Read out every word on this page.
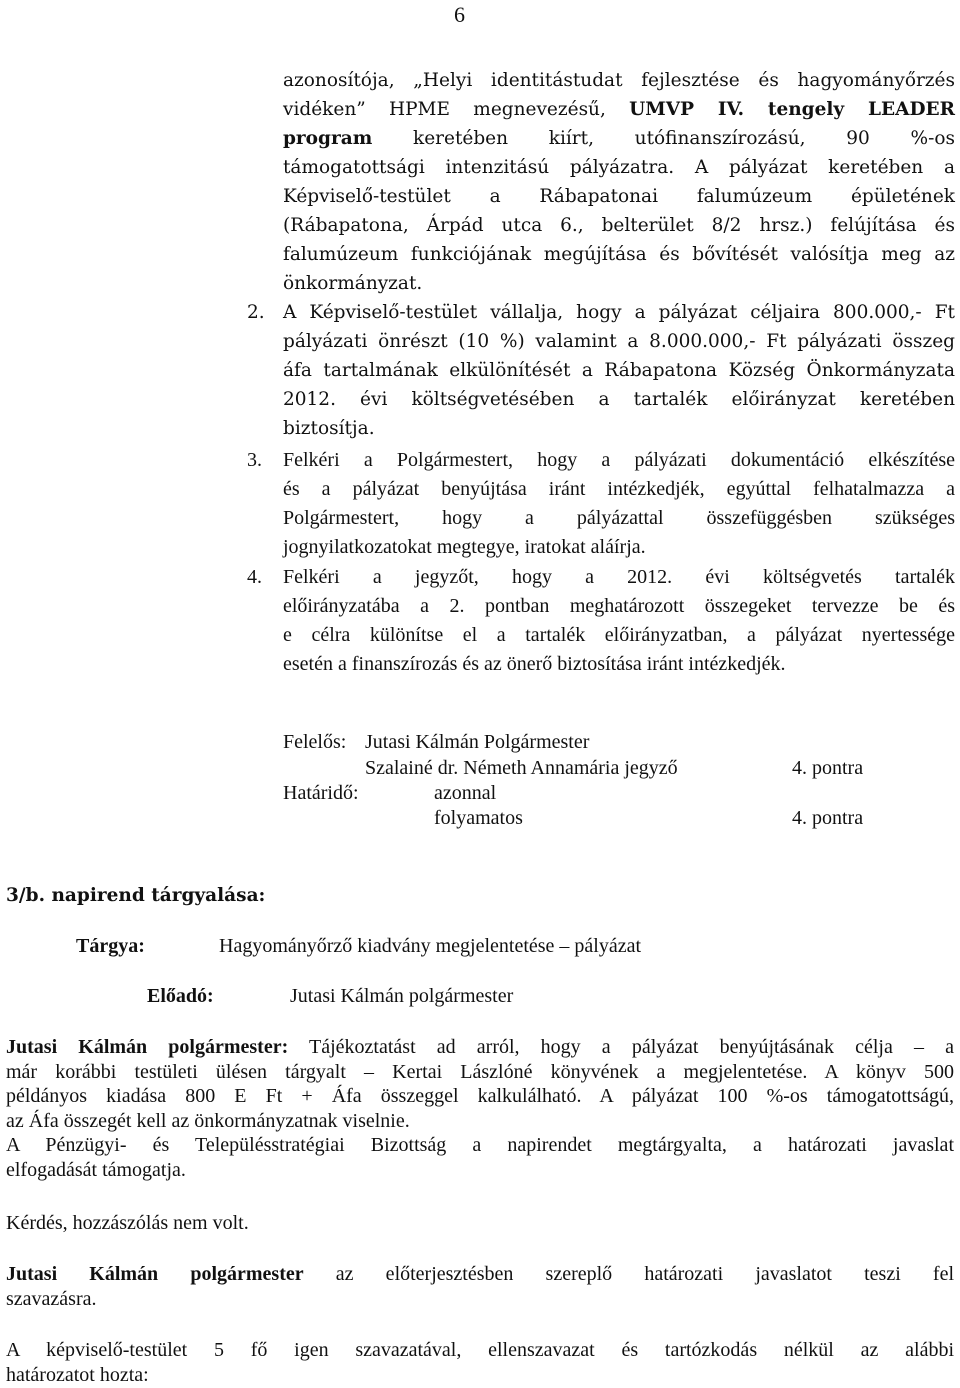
6
azonosítója, „Helyi identitástudat fejlesztése és hagyományőrzés
vidéken” HPME megnevezésű, UMVP IV. tengely LEADER
program keretében kiírt, utófinanszírozású, 90 %-os
támogatottsági intenzitású pályázatra. A pályázat keretében a
Képviselő-testület a Rábapatonai falumúzeum épületének
(Rábapatona, Árpád utca 6., belterület 8/2 hrsz.) felújítása és
falumúzeum funkciójának megújítása és bővítését valósítja meg az
önkormányzat.
2. A Képviselő-testület vállalja, hogy a pályázat céljaira 800.000,- Ft
pályázati önrészt (10 %) valamint a 8.000.000,- Ft pályázati összeg
áfa tartalmának elkülönítését a Rábapatona Község Önkormányzata
2012. évi költségvetésében a tartalék előirányzat keretében
biztosítja.
3. Felkéri a Polgármestert, hogy a pályázati dokumentáció elkészítése
és a pályázat benyújtása iránt intézkedjék, egyúttal felhatalmazza a
Polgármestert, hogy a pályázattal összefüggésben szükséges
jognyilatkozatokat megtegye, iratokat aláírja.
4. Felkéri a jegyzőt, hogy a 2012. évi költségvetés tartalék
előirányzatába a 2. pontban meghatározott összegeket tervezze be és
e célra különítse el a tartalék előirányzatban, a pályázat nyertessége
esetén a finanszírozás és az önerő biztosítása iránt intézkedjék.
Felelős: Jutasi Kálmán Polgármester
Szalainé dr. Németh Annamária jegyző	4. pontra
Határidő:	azonnal
folyamatos	4. pontra
3/b. napirend tárgyalása:
Tárgya:	Hagyományőrző kiadvány megjelentetése – pályázat
Előadó:	Jutasi Kálmán polgármester
Jutasi Kálmán polgármester: Tájékoztatást ad arról, hogy a pályázat benyújtásának célja – a
már korábbi testületi ülésen tárgyalt – Kertai Lászlóné könyvének a megjelentetése. A könyv 500
példányos kiadása 800 E Ft + Áfa összeggel kalkulálható. A pályázat 100 %-os támogatottságú,
az Áfa összegét kell az önkormányzatnak viselnie.
A Pénzügyi- és Településstratégiai Bizottság a napirendet megtárgyalta, a határozati javaslat
elfogadását támogatja.
Kérdés, hozzászólás nem volt.
Jutasi Kálmán polgármester az előterjesztésben szereplő határozati javaslatot teszi fel
szavazásra.
A képviselő-testület 5 fő igen szavazatával, ellenszavazat és tartózkodás nélkül az alábbi
határozatot hozta:
